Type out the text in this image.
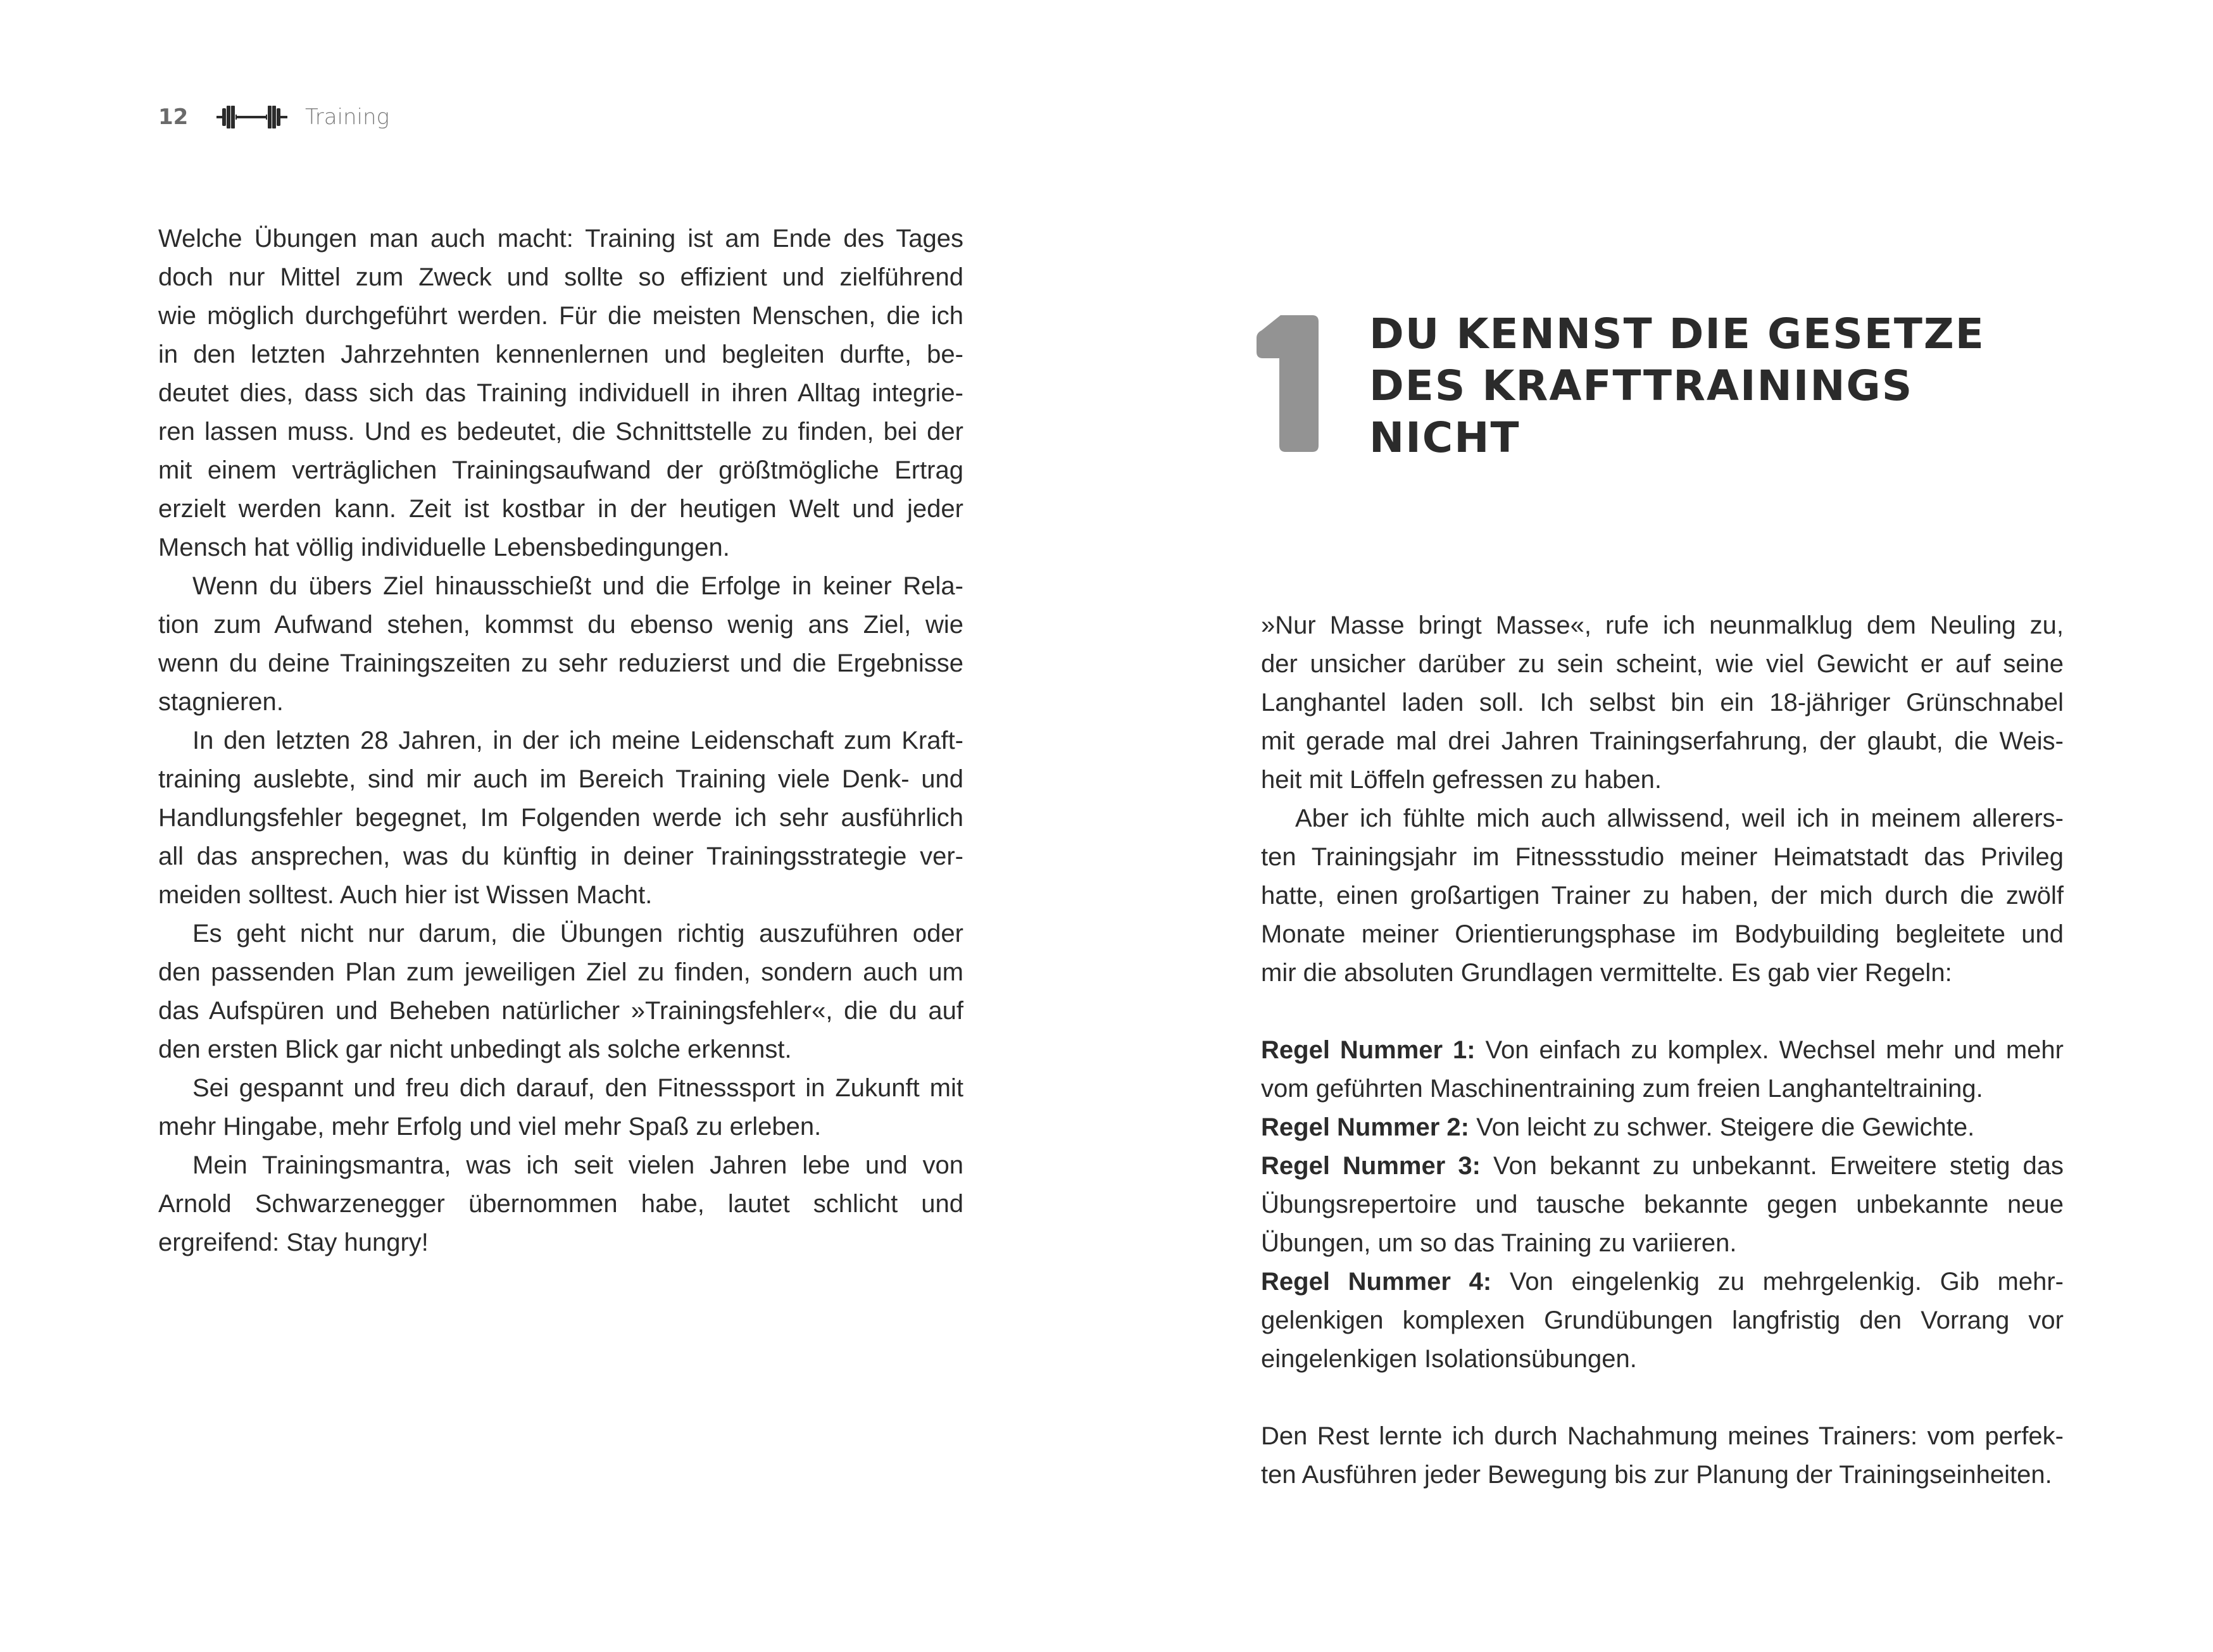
12	Training

Welche Übungen man auch macht: Training ist am Ende des Tages
doch nur Mittel zum Zweck und sollte so effizient und zielführend
wie möglich durchgeführt werden. Für die meisten Menschen, die ich
in den letzten Jahrzehnten kennenlernen und begleiten durfte, be-
deutet dies, dass sich das Training individuell in ihren Alltag integrie-
ren lassen muss. Und es bedeutet, die Schnittstelle zu finden, bei der
mit einem verträglichen Trainingsaufwand der größtmögliche Ertrag
erzielt werden kann. Zeit ist kostbar in der heutigen Welt und jeder
Mensch hat völlig individuelle Lebensbedingungen.

Wenn du übers Ziel hinausschießt und die Erfolge in keiner Rela-
tion zum Aufwand stehen, kommst du ebenso wenig ans Ziel, wie
wenn du deine Trainingszeiten zu sehr reduzierst und die Ergebnisse
stagnieren.

In den letzten 28 Jahren, in der ich meine Leidenschaft zum Kraft-
training auslebte, sind mir auch im Bereich Training viele Denk- und
Handlungsfehler begegnet, Im Folgenden werde ich sehr ausführlich
all das ansprechen, was du künftig in deiner Trainingsstrategie ver-
meiden solltest. Auch hier ist Wissen Macht.

Es geht nicht nur darum, die Übungen richtig auszuführen oder
den passenden Plan zum jeweiligen Ziel zu finden, sondern auch um
das Aufspüren und Beheben natürlicher »Trainingsfehler«, die du auf
den ersten Blick gar nicht unbedingt als solche erkennst.

Sei gespannt und freu dich darauf, den Fitnesssport in Zukunft mit
mehr Hingabe, mehr Erfolg und viel mehr Spaß zu erleben.

Mein Trainingsmantra, was ich seit vielen Jahren lebe und von
Arnold Schwarzenegger übernommen habe, lautet schlicht und
ergreifend: Stay hungry!

DU KENNST DIE GESETZE
DES KRAFTTRAININGS
NICHT

»Nur Masse bringt Masse«, rufe ich neunmalklug dem Neuling zu,
der unsicher darüber zu sein scheint, wie viel Gewicht er auf seine
Langhantel laden soll. Ich selbst bin ein 18-jähriger Grünschnabel
mit gerade mal drei Jahren Trainingserfahrung, der glaubt, die Weis-
heit mit Löffeln gefressen zu haben.

Aber ich fühlte mich auch allwissend, weil ich in meinem allerers-
ten Trainingsjahr im Fitnessstudio meiner Heimatstadt das Privileg
hatte, einen großartigen Trainer zu haben, der mich durch die zwölf
Monate meiner Orientierungsphase im Bodybuilding begleitete und
mir die absoluten Grundlagen vermittelte. Es gab vier Regeln:

Regel Nummer 1: Von einfach zu komplex. Wechsel mehr und mehr
vom geführten Maschinentraining zum freien Langhanteltraining.
Regel Nummer 2: Von leicht zu schwer. Steigere die Gewichte.
Regel Nummer 3: Von bekannt zu unbekannt. Erweitere stetig das
Übungsrepertoire und tausche bekannte gegen unbekannte neue
Übungen, um so das Training zu variieren.
Regel Nummer 4: Von eingelenkig zu mehrgelenkig. Gib mehr-
gelenkigen komplexen Grundübungen langfristig den Vorrang vor
eingelenkigen Isolationsübungen.

Den Rest lernte ich durch Nachahmung meines Trainers: vom perfek-
ten Ausführen jeder Bewegung bis zur Planung der Trainingseinheiten.
